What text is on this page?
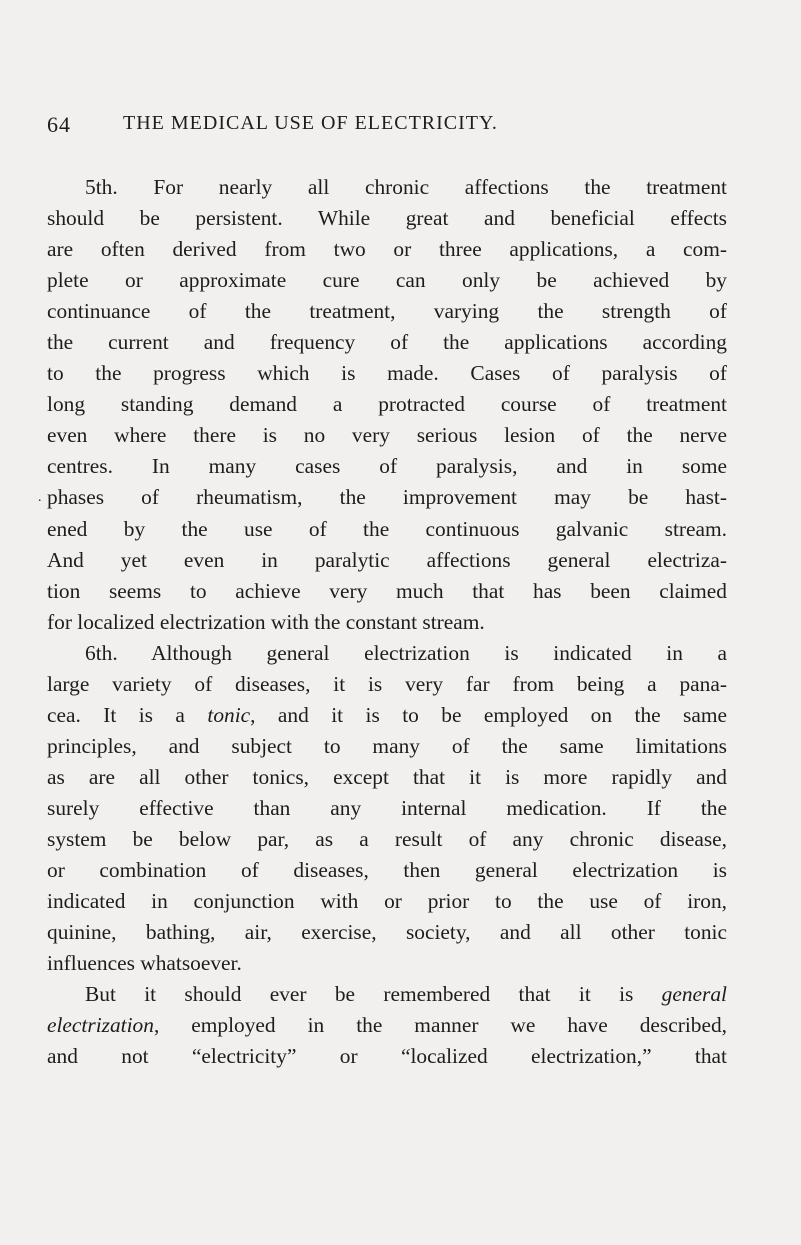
64	THE MEDICAL USE OF ELECTRICITY.
5th. For nearly all chronic affections the treatment
should be persistent. While great and beneficial effects
are often derived from two or three applications, a com-
plete or approximate cure can only be achieved by
continuance of the treatment, varying the strength of
the current and frequency of the applications according
to the progress which is made. Cases of paralysis of
long standing demand a protracted course of treatment
even where there is no very serious lesion of the nerve
centres. In many cases of paralysis, and in some
. phases of rheumatism, the improvement may be hast-
ened by the use of the continuous galvanic stream.
And yet even in paralytic affections general electriza-
tion seems to achieve very much that has been claimed
for localized electrization with the constant stream.
6th. Although general electrization is indicated in a
large variety of diseases, it is very far from being a pana-
cea. It is a tonic, and it is to be employed on the same
principles, and subject to many of the same limitations
as are all other tonics, except that it is more rapidly and
surely effective than any internal medication. If the
system be below par, as a result of any chronic disease,
or combination of diseases, then general electrization is
indicated in conjunction with or prior to the use of iron,
quinine, bathing, air, exercise, society, and all other tonic
influences whatsoever.
But it should ever be remembered that it is general
electrization, employed in the manner we have described,
and not “electricity” or “localized electrization,” that
